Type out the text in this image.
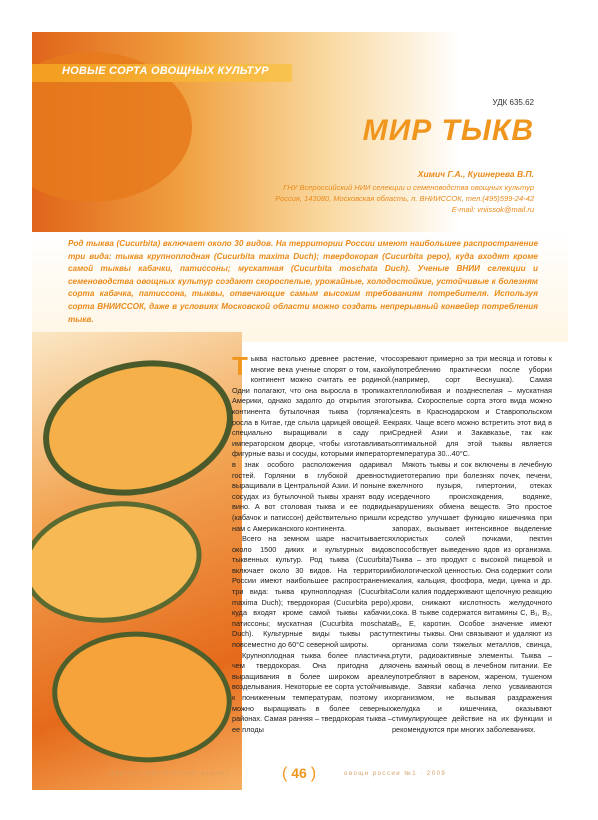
НОВЫЕ СОРТА ОВОЩНЫХ КУЛЬТУР
УДК 635.62
МИР ТЫКВ
Химич Г.А., Кушнерева В.П.
ГНУ Всероссийский НИИ селекции и семеноводства овощных культур
Россия, 143080, Московская область, п. ВНИИССОК, тел.(495)599-24-42
E-mail: vniissok@mail.ru
Род тыквa (Cucurbita) включает около 30 видов. На территории России имеют наибольшее распространение три вида: тыква крупноплодная (Cucurbita maxima Duch); твердокорая (Cucurbita pepo), куда входят кроме самой тыквы кабачки, патиссоны; мускатная (Cucurbita moschata Duch). Ученые ВНИИ селекции и семеноводства овощных культур создают скороспелые, урожайные, холодостойкие, устойчивые к болезням сорта кабачка, патиссона, тыквы, отвечающие самым высоким требованиям потребителя. Используя сорта ВНИИССОК, даже в условиях Московской области можно создать непрерывный конвейер потребления тыкв.
Т ыква настолько древнее растение, что многие века ученые спорят о том, какой континент можно считать ее родиной. Одни полагают, что она выросла в тропиках Америки, однако задолго до открытия этого континента бутылочная тыква (горлянка) росла в Китае, где слыла царицей овощей. Ее специально выращивали в саду при императорском дворце, чтобы изготавливать фигурные вазы и сосуды, которыми император в знак особого расположения одаривал гостей. Горлянки в глубокой древности выращивали в Центральной Азии. И поныне в сосудах из бутылочной тыквы хранят воду и вино. А вот столовая тыква и ее подвиды (кабачок и патиссон) действительно пришли к нам с Американского континента.

Всего на земном шаре насчитывается около 1500 диких и культурных видов тыквенных культур. Род тыква (Cucurbita) включает около 30 видов. На территории России имеют наибольшее распространение три вида: тыква крупноплодная (Cucurbita maxima Duch); твердокорая (Cucurbita pepo), куда входят кроме самой тыквы кабачки, патиссоны; мускатная (Cucurbita moschata Duch). Культурные виды тыквы растут повсеместно до 60°С северной широты.

Крупноплодная тыква более пластична, чем твердокорая. Она пригодна для выращивания в более широком ареале возделывания. Некоторые ее сорта устойчивы к пониженным температурам, поэтому их можно выращивать в более северных районах. Самая ранняя – твердокорая тыква – ее плоды

созревают примерно за три месяца и готовы к употреблению практически после уборки (например, сорт Веснушка). Самая теплолюбивая и позднеспелая – мускатная тыква. Скороспелые сорта этого вида можно сеять в Краснодарском и Ставропольском краях. Чаще всего можно встретить этот вид в Средней Азии и Закавказье, так как оптимальной для этой тыквы является температура 30...40°С.

Мякоть тыквы и сок включены в лечебную диетотерапию при болезнях почек, печени, желчного пузыря, гипертонии, отеках сердечного происхождения, водянке, нарушениях обмена веществ. Это простое средство улучшает функцию кишечника при запорах, вызывает интенсивное выделение хлористых солей почками, пектин способствует выведению ядов из организма. Тыква – это продукт с высокой пищевой и биологической ценностью. Она содержит соли калия, кальция, фосфора, меди, цинка и др. Соли калия поддерживают щелочную реакцию крови, снижают кислотность желудочного сока. В тыкве содержатся витамины С, В₁, В₂, В₆, Е, каротин. Особое значение имеют пектины тыквы. Они связывают и удаляют из организма соли тяжелых металлов, свинца, ртути, радиоактивные элементы. Тыква – очень важный овощ в лечебном питании. Ее употребляют в вареном, жареном, тушеном виде. Завязи кабачка легко усваиваются организмом, не вызывая раздражения желудка и кишечника, оказывают стимулирующее действие на их функции и рекомендуются при многих заболеваниях.

научно-практический журнал	( 46 )	овощи россии №1 · 2009
